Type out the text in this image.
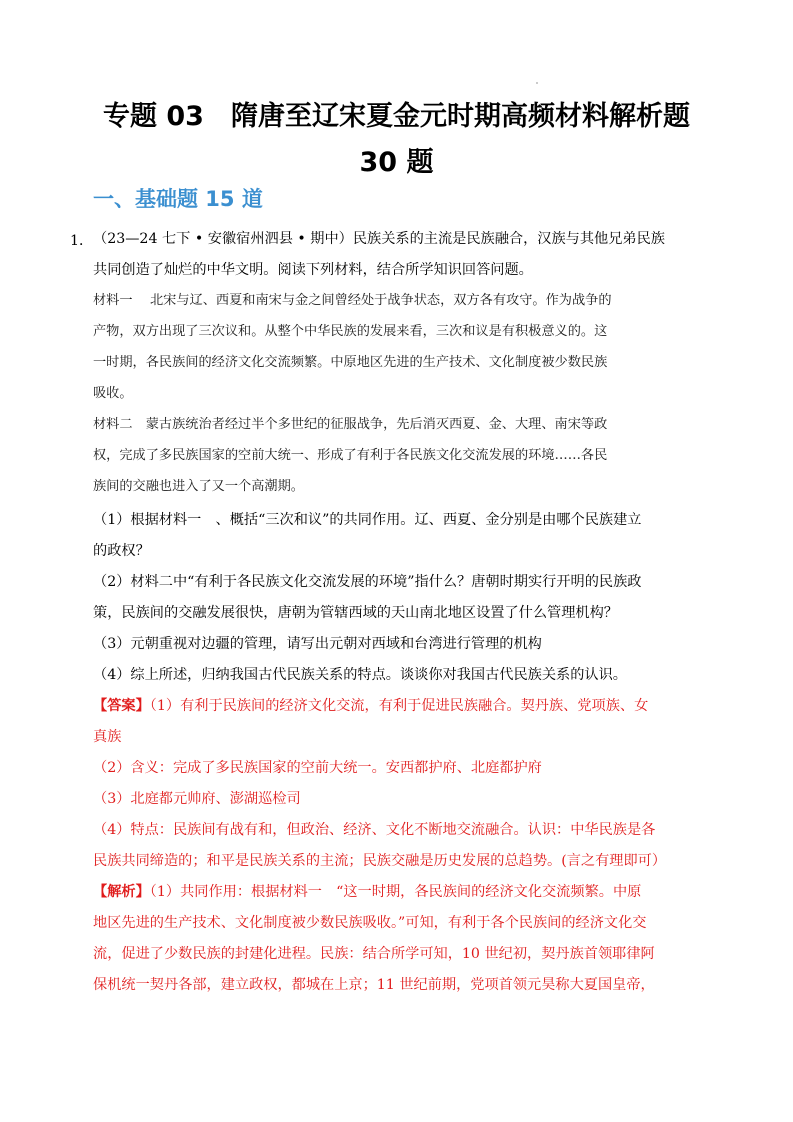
专题 03　隋唐至辽宋夏金元时期高频材料解析题
30 题
一、基础题 15 道
1． （23—24 七下 • 安徽宿州泗县 • 期中）民族关系的主流是民族融合，汉族与其他兄弟民族
共同创造了灿烂的中华文明。阅读下列材料，结合所学知识回答问题。
材料一　 北宋与辽、西夏和南宋与金之间曾经处于战争状态，双方各有攻守。作为战争的
产物，双方出现了三次议和。从整个中华民族的发展来看，三次和议是有积极意义的。这
一时期，各民族间的经济文化交流频繁。中原地区先进的生产技术、文化制度被少数民族
吸收。
材料二　蒙古族统治者经过半个多世纪的征服战争，先后消灭西夏、金、大理、南宋等政
权，完成了多民族国家的空前大统一、形成了有利于各民族文化交流发展的环境……各民
族间的交融也进入了又一个高潮期。
（1）根据材料一　、概括“三次和议”的共同作用。辽、西夏、金分别是由哪个民族建立
的政权？
（2）材料二中“有利于各民族文化交流发展的环境”指什么？唐朝时期实行开明的民族政
策，民族间的交融发展很快，唐朝为管辖西域的天山南北地区设置了什么管理机构？
（3）元朝重视对边疆的管理，请写出元朝对西域和台湾进行管理的机构
（4）综上所述，归纳我国古代民族关系的特点。谈谈你对我国古代民族关系的认识。
【答案】（1）有利于民族间的经济文化交流，有利于促进民族融合。契丹族、党项族、女
真族
（2）含义：完成了多民族国家的空前大统一。安西都护府、北庭都护府
（3）北庭都元帅府、澎湖巡检司
（4）特点：民族间有战有和，但政治、经济、文化不断地交流融合。认识：中华民族是各
民族共同缔造的；和平是民族关系的主流；民族交融是历史发展的总趋势。(言之有理即可）
【解析】（1）共同作用：根据材料一　“这一时期，各民族间的经济文化交流频繁。中原
地区先进的生产技术、文化制度被少数民族吸收。”可知，有利于各个民族间的经济文化交
流，促进了少数民族的封建化进程。民族：结合所学可知，10 世纪初，契丹族首领耶律阿
保机统一契丹各部，建立政权，都城在上京；11 世纪前期，党项首领元昊称大夏国皇帝，
